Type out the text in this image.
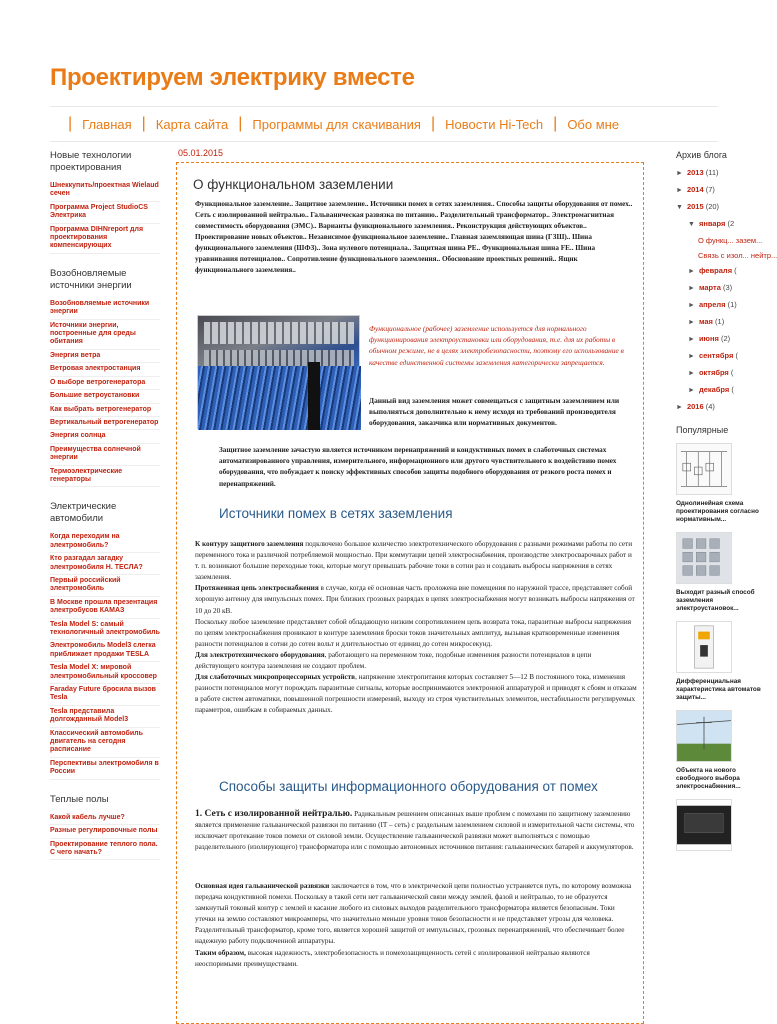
Проектируем электрику вместе
| Главная | Карта сайта | Программы для скачивания | Новости Hi-Tech | Обо мне
Новые технологии проектирования
Шнеккупить/проектная Wielaud сечен
Программа Project StudioCS Электрика
Программа DIHNreport для проектирования компенсирующих
Возобновляемые источники энергии
Возобновляемые источники энергии
Источники энергии, построенные для среды обитания
Энергия ветра
Ветровая электростанция
О выборе ветрогенератора
Большие ветроустановки
Как выбрать ветрогенератор
Вертикальный ветрогенератор
Энергия солнца
Преимущества солнечной энергии
Термоэлектрические генераторы
Электрические автомобили
Когда переходим на электромобиль?
Кто разгадал загадку электромобиля Н. ТЕСЛА?
Первый российский электромобиль
В Москве прошла презентация электробусов КАМАЗ
Tesla Model S: самый технологичный электромобиль
Электромобиль Model3 слегка приближает продажи TESLA
Tesla Model X: мировой электромобильный кроссовер
Faraday Future бросила вызов Tesla
Tesla представила долгожданный Model3
Классический автомобиль двигатель на сегодня расписание
Перспективы электромобиля в России
Теплые полы
Какой кабель лучше?
Разные регулировочные полы
Проектирование теплого пола. С чего начать?
05.01.2015
О функциональном заземлении
Функциональное заземление.. Защитное заземление.. Источники помех в сетях заземления.. Способы защиты оборудования от помех.. Сеть с изолированной нейтралью.. Гальваническая развязка по питанию.. Разделительный трансформатор.. Электромагнитная совместимость оборудования (ЭМС).. Варианты функционального заземления.. Реконструкция действующих объектов.. Проектирование новых объектов.. Независимое функциональное заземление.. Главная заземляющая шина (ГЗШ).. Шина функционального заземления (ШФЗ).. Зона нулевого потенциала.. Защитная шина РЕ.. Функциональная шина FE.. Шина уравнивания потенциалов.. Сопротивление функционального заземления.. Обоснование проектных решений.. Ящик функционального заземления..
Функциональное (рабочее) заземление используется для нормального функционирования электроустановки или оборудования, т.е. для их работы в обычном режиме, не в целях электробезопасности, поэтому его использование в качестве единственной системы заземления категорически запрещается.
Данный вид заземления может совмещаться с защитным заземлением или выполняться дополнительно к нему исходя из требований производителя оборудования, заказчика или нормативных документов.
Защитное заземление зачастую является источником перенапряжений и кондуктивных помех в слаботочных системах автоматизированного управления, измерительного, информационного или другого чувствительного к воздействию помех оборудования, что побуждает к поиску эффективных способов защиты подобного оборудования от резкого роста помех и перенапряжений.
Источники помех в сетях заземления

К контуру защитного заземления подключено большое количество электротехнического оборудования с разными режимами работы по сети переменного тока и различной потребляемой мощностью. При коммутации цепей электроснабжения, производстве электросварочных работ и т. п. возникают большие переходные токи, которые могут превышать рабочие токи в сотни раз и создавать выбросы напряжения в сетях заземления.

Протяженная цепь электроснабжения в случае, когда её основная часть проложена вне помещения по наружной трассе, представляет собой хорошую антенну для импульсных помех. При близких грозовых разрядах в цепях электроснабжения могут возникать выбросы напряжения от 10 до 20 кВ.

Поскольку любое заземление представляет собой обладающую низким сопротивлением цепь возврата тока, паразитные выбросы напряжения по цепям электроснабжения проникают в контуре заземления броски токов значительных амплитуд, вызывая кратковременные изменения разности потенциалов в сотни до сотен вольт и длительностью от единиц до сотен микросекунд.

Для электротехнического оборудования, работающего на переменном токе, подобные изменения разности потенциалов в цепи действующего контура заземления не создают проблем.

Для слаботочных микропроцессорных устройств, напряжение электропитания которых составляет 5—12 В постоянного тока, изменения разности потенциалов могут порождать паразитные сигналы, которые воспринимаются электронной аппаратурой и приводят к сбоям и отказам в работе систем автоматики, повышенной погрешности измерений, выходу из строя чувствительных элементов, нестабильности регулируемых параметров, ошибкам в собираемых данных.

Способы защиты информационного оборудования от помех

1. Сеть с изолированной нейтралью. Радикальным решением описанных выше проблем с помехами по защитному заземлению является применение гальванической развязки по питанию (IT – сеть) с раздельным заземлением силовой и измерительной части системы, что исключает протекание токов помехи от силовой земли. Осуществление гальванической развязки может выполняться с помощью разделительного (изолирующего) трансформатора или с помощью автономных источников питания: гальванических батарей и аккумуляторов.

Основная идея гальванической развязки заключается в том, что в электрической цепи полностью устраняется путь, по которому возможна передача кондуктивной помехи. Поскольку в такой сети нет гальванической связи между землей, фазой и нейтралью, то не образуется замкнутый токовый контур с землей и касание любого из силовых выходов разделительного трансформатора является безопасным. Токи утечки на землю составляют микроамперы, что значительно меньше уровня токов безопасности и не представляет угрозы для человека.

Разделительный трансформатор, кроме того, является хорошей защитой от импульсных, грозовых перенапряжений, что обеспечивает более надежную работу подключенной аппаратуры.

Таким образом, высокая надежность, электробезопасность и помехозащищенность сетей с изолированной нейтралью являются неоспоримыми преимуществами.

Архив блога
► 2013 (11)
► 2014 (7)
▼ 2015 (20)
▼ января (2
О функц... зазем...
Связь с изол... нейтр...
► февраля (
► марта (3)
► апреля (1)
► мая (1)
► июня (2)
► сентября (
► октября (
► декабря (
► 2016 (4)
Популярные
Однолинейная схема проектирования согласно нормативным...
Выходит разный способ заземления электроустановок...
Дифференциальная характеристика автоматов защиты...
Объекта на нового свободного выбора электроснабжения...
